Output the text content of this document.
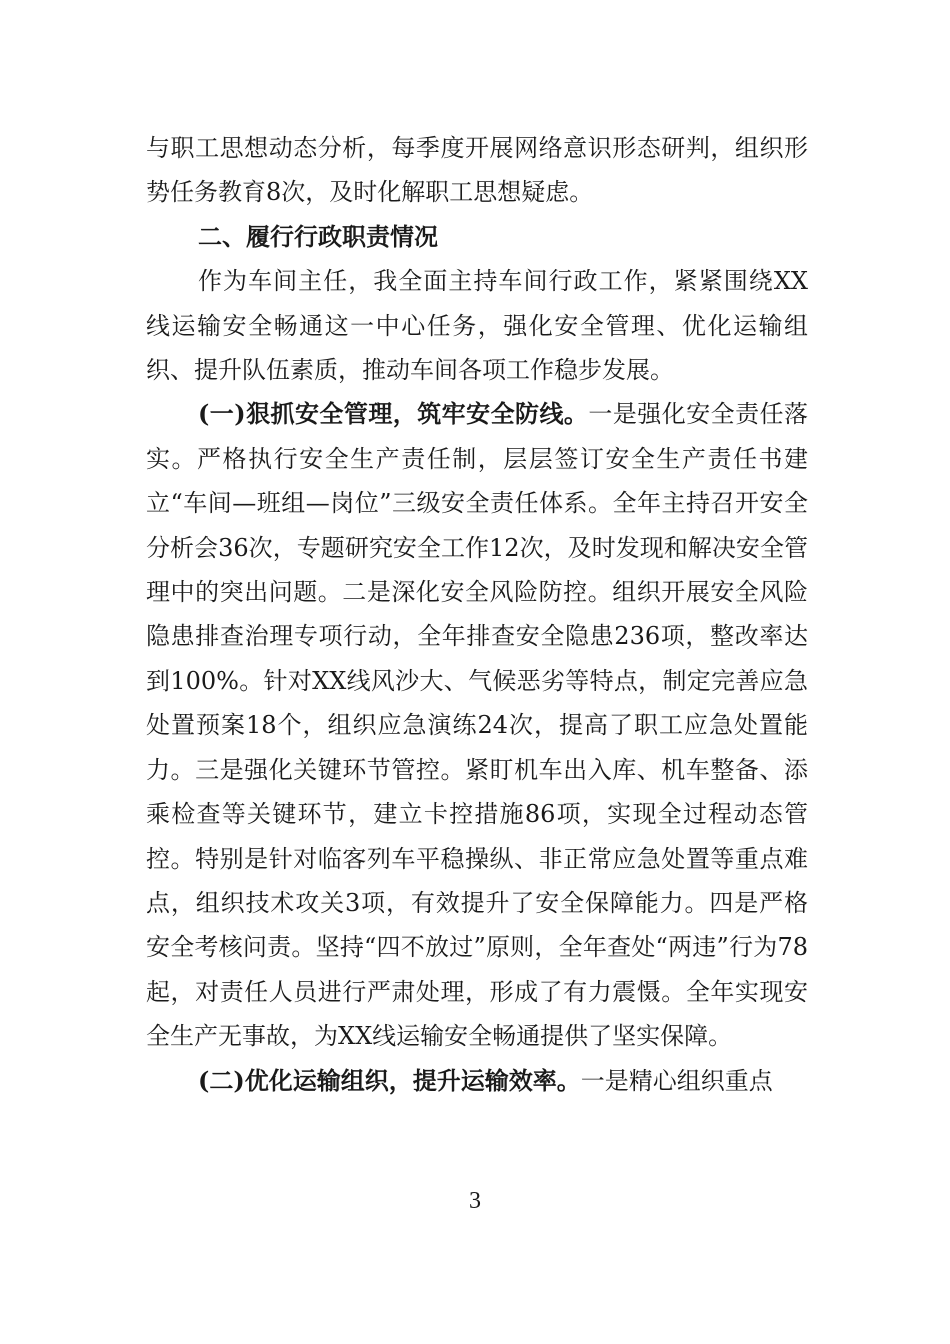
与职工思想动态分析，每季度开展网络意识形态研判，组织形势任务教育8次，及时化解职工思想疑虑。

二、履行行政职责情况

作为车间主任，我全面主持车间行政工作，紧紧围绕XX线运输安全畅通这一中心任务，强化安全管理、优化运输组织、提升队伍素质，推动车间各项工作稳步发展。

(一)狠抓安全管理，筑牢安全防线。一是强化安全责任落实。严格执行安全生产责任制，层层签订安全生产责任书建立“车间—班组—岗位”三级安全责任体系。全年主持召开安全分析会36次，专题研究安全工作12次，及时发现和解决安全管理中的突出问题。二是深化安全风险防控。组织开展安全风险隐患排查治理专项行动，全年排查安全隐患236项，整改率达到100%。针对XX线风沙大、气候恶劣等特点，制定完善应急处置预案18个，组织应急演练24次，提高了职工应急处置能力。三是强化关键环节管控。紧盯机车出入库、机车整备、添乘检查等关键环节，建立卡控措施86项，实现全过程动态管控。特别是针对临客列车平稳操纵、非正常应急处置等重点难点，组织技术攻关3项，有效提升了安全保障能力。四是严格安全考核问责。坚持“四不放过”原则，全年查处“两违”行为78起，对责任人员进行严肃处理，形成了有力震慑。全年实现安全生产无事故，为XX线运输安全畅通提供了坚实保障。

(二)优化运输组织，提升运输效率。一是精心组织重点

3
